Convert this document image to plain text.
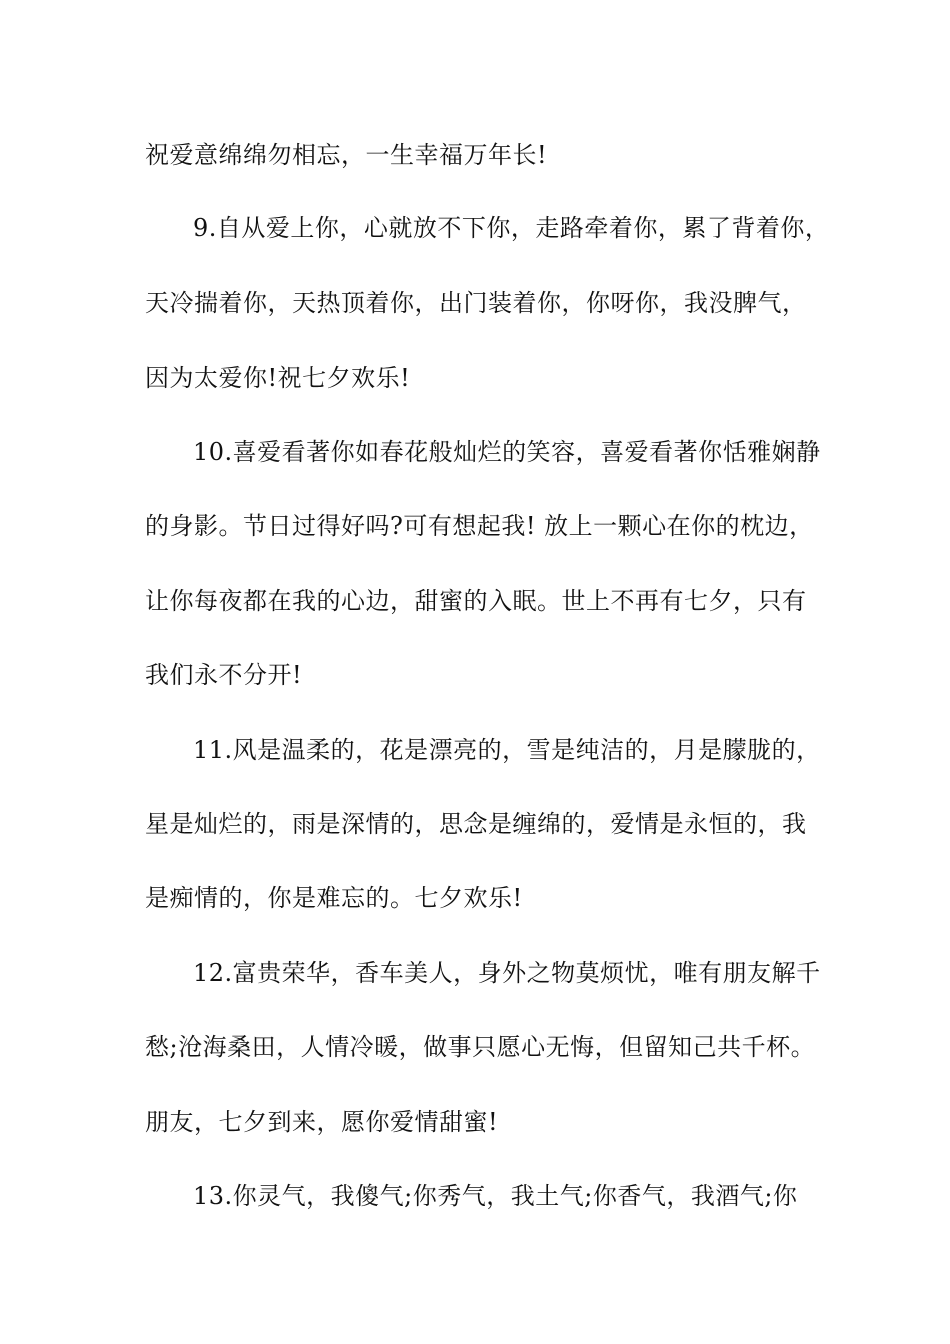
祝爱意绵绵勿相忘，一生幸福万年长!
9.自从爱上你，心就放不下你，走路牵着你，累了背着你，
天冷揣着你，天热顶着你，出门装着你，你呀你，我没脾气，
因为太爱你!祝七夕欢乐!
10.喜爱看著你如春花般灿烂的笑容，喜爱看著你恬雅娴静
的身影。节日过得好吗?可有想起我! 放上一颗心在你的枕边，
让你每夜都在我的心边，甜蜜的入眠。世上不再有七夕，只有
我们永不分开!
11.风是温柔的，花是漂亮的，雪是纯洁的，月是朦胧的，
星是灿烂的，雨是深情的，思念是缠绵的，爱情是永恒的，我
是痴情的，你是难忘的。七夕欢乐!
12.富贵荣华，香车美人，身外之物莫烦忧，唯有朋友解千
愁;沧海桑田，人情冷暖，做事只愿心无悔，但留知己共千杯。
朋友，七夕到来，愿你爱情甜蜜!
13.你灵气，我傻气;你秀气，我土气;你香气，我酒气;你
